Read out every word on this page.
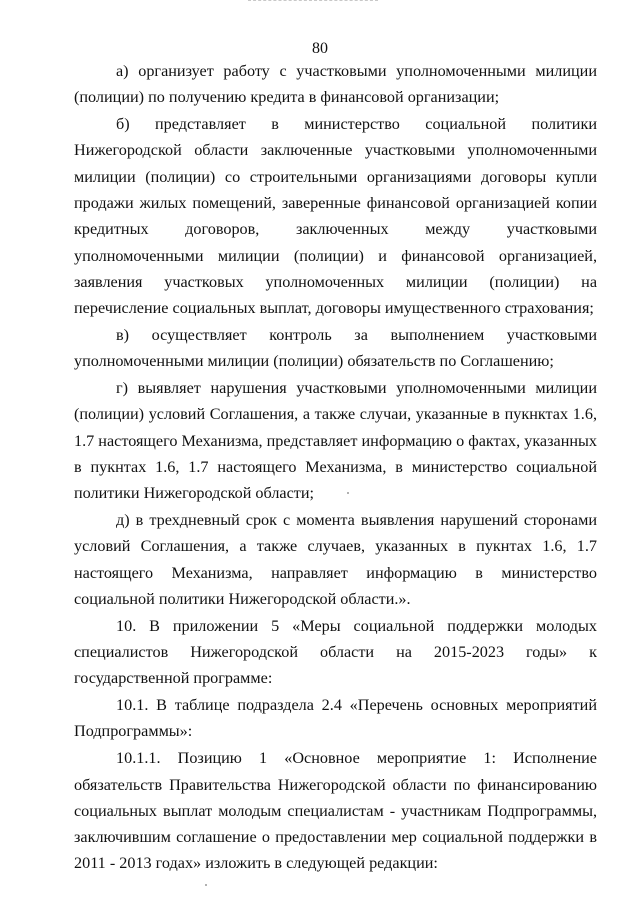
80

а) организует работу с участковыми уполномоченными милиции (полиции) по получению кредита в финансовой организации;

б) представляет в министерство социальной политики Нижегородской области заключенные участковыми уполномоченными милиции (полиции) со строительными организациями договоры купли продажи жилых помещений, заверенные финансовой организацией копии кредитных договоров, заключенных между участковыми уполномоченными милиции (полиции) и финансовой организацией, заявления участковых уполномоченных милиции (полиции) на перечисление социальных выплат, договоры имущественного страхования;

в) осуществляет контроль за выполнением участковыми уполномоченными милиции (полиции) обязательств по Соглашению;

г) выявляет нарушения участковыми уполномоченными милиции (полиции) условий Соглашения, а также случаи, указанные в пукнктах 1.6, 1.7 настоящего Механизма, представляет информацию о фактах, указанных в пукнтах 1.6, 1.7 настоящего Механизма, в министерство социальной политики Нижегородской области;

д) в трехдневный срок с момента выявления нарушений сторонами условий Соглашения, а также случаев, указанных в пукнтах 1.6, 1.7 настоящего Механизма, направляет информацию в министерство социальной политики Нижегородской области.».

10. В приложении 5 «Меры социальной поддержки молодых специалистов Нижегородской области на 2015-2023 годы» к государственной программе:

10.1. В таблице подраздела 2.4 «Перечень основных мероприятий Подпрограммы»:

10.1.1. Позицию 1 «Основное мероприятие 1: Исполнение обязательств Правительства Нижегородской области по финансированию социальных выплат молодым специалистам - участникам Подпрограммы, заключившим соглашение о предоставлении мер социальной поддержки в 2011 - 2013 годах» изложить в следующей редакции:
